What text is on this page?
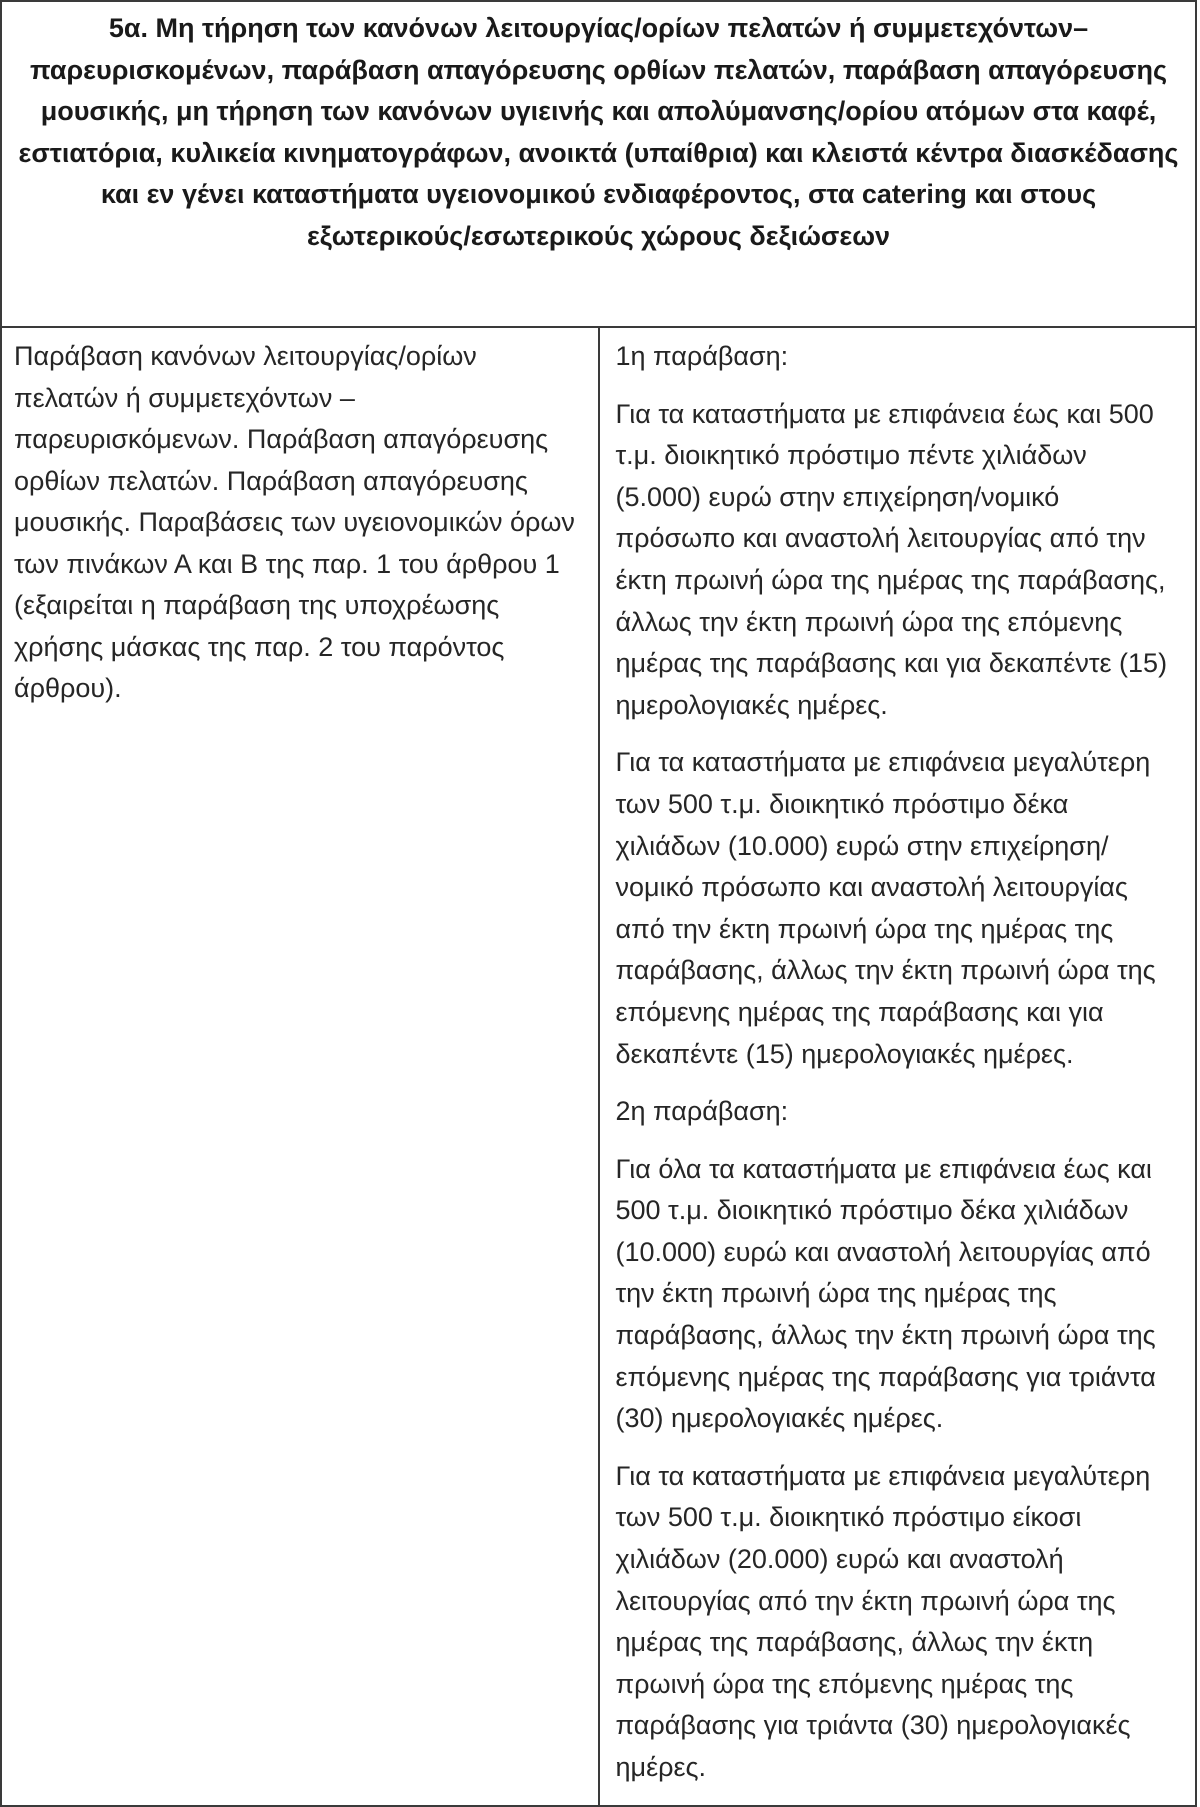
5α. Μη τήρηση των κανόνων λειτουργίας/ορίων πελατών ή συμμετεχόντων– παρευρισκομένων, παράβαση απαγόρευσης ορθίων πελατών, παράβαση απαγόρευσης μουσικής, μη τήρηση των κανόνων υγιεινής και απολύμανσης/ορίου ατόμων στα καφέ, εστιατόρια, κυλικεία κινηματογράφων, ανοικτά (υπαίθρια) και κλειστά κέντρα διασκέδασης και εν γένει καταστήματα υγειονομικού ενδιαφέροντος, στα catering και στους εξωτερικούς/εσωτερικούς χώρους δεξιώσεων
Παράβαση κανόνων λειτουργίας/ορίων πελατών ή συμμετεχόντων – παρευρισκόμενων. Παράβαση απαγόρευσης ορθίων πελατών. Παράβαση απαγόρευσης μουσικής. Παραβάσεις των υγειονομικών όρων των πινάκων Α και Β της παρ. 1 του άρθρου 1 (εξαιρείται η παράβαση της υποχρέωσης χρήσης μάσκας της παρ. 2 του παρόντος άρθρου).	

1η παράβαση:

Για τα καταστήματα με επιφάνεια έως και 500 τ.μ. διοικητικό πρόστιμο πέντε χιλιάδων (5.000) ευρώ στην επιχείρηση/νομικό πρόσωπο και αναστολή λειτουργίας από την έκτη πρωινή ώρα της ημέρας της παράβασης, άλλως την έκτη πρωινή ώρα της επόμενης ημέρας της παράβασης και για δεκαπέντε (15) ημερολογιακές ημέρες.

Για τα καταστήματα με επιφάνεια μεγαλύτερη των 500 τ.μ. διοικητικό πρόστιμο δέκα χιλιάδων (10.000) ευρώ στην επιχείρηση/νομικό πρόσωπο και αναστολή λειτουργίας από την έκτη πρωινή ώρα της ημέρας της παράβασης, άλλως την έκτη πρωινή ώρα της επόμενης ημέρας της παράβασης και για δεκαπέντε (15) ημερολογιακές ημέρες.

2η παράβαση:

Για όλα τα καταστήματα με επιφάνεια έως και 500 τ.μ. διοικητικό πρόστιμο δέκα χιλιάδων (10.000) ευρώ και αναστολή λειτουργίας από την έκτη πρωινή ώρα της ημέρας της παράβασης, άλλως την έκτη πρωινή ώρα της επόμενης ημέρας της παράβασης για τριάντα (30) ημερολογιακές ημέρες.

Για τα καταστήματα με επιφάνεια μεγαλύτερη των 500 τ.μ. διοικητικό πρόστιμο είκοσι χιλιάδων (20.000) ευρώ και αναστολή λειτουργίας από την έκτη πρωινή ώρα της ημέρας της παράβασης, άλλως την έκτη πρωινή ώρα της επόμενης ημέρας της παράβασης για τριάντα (30) ημερολογιακές ημέρες.
